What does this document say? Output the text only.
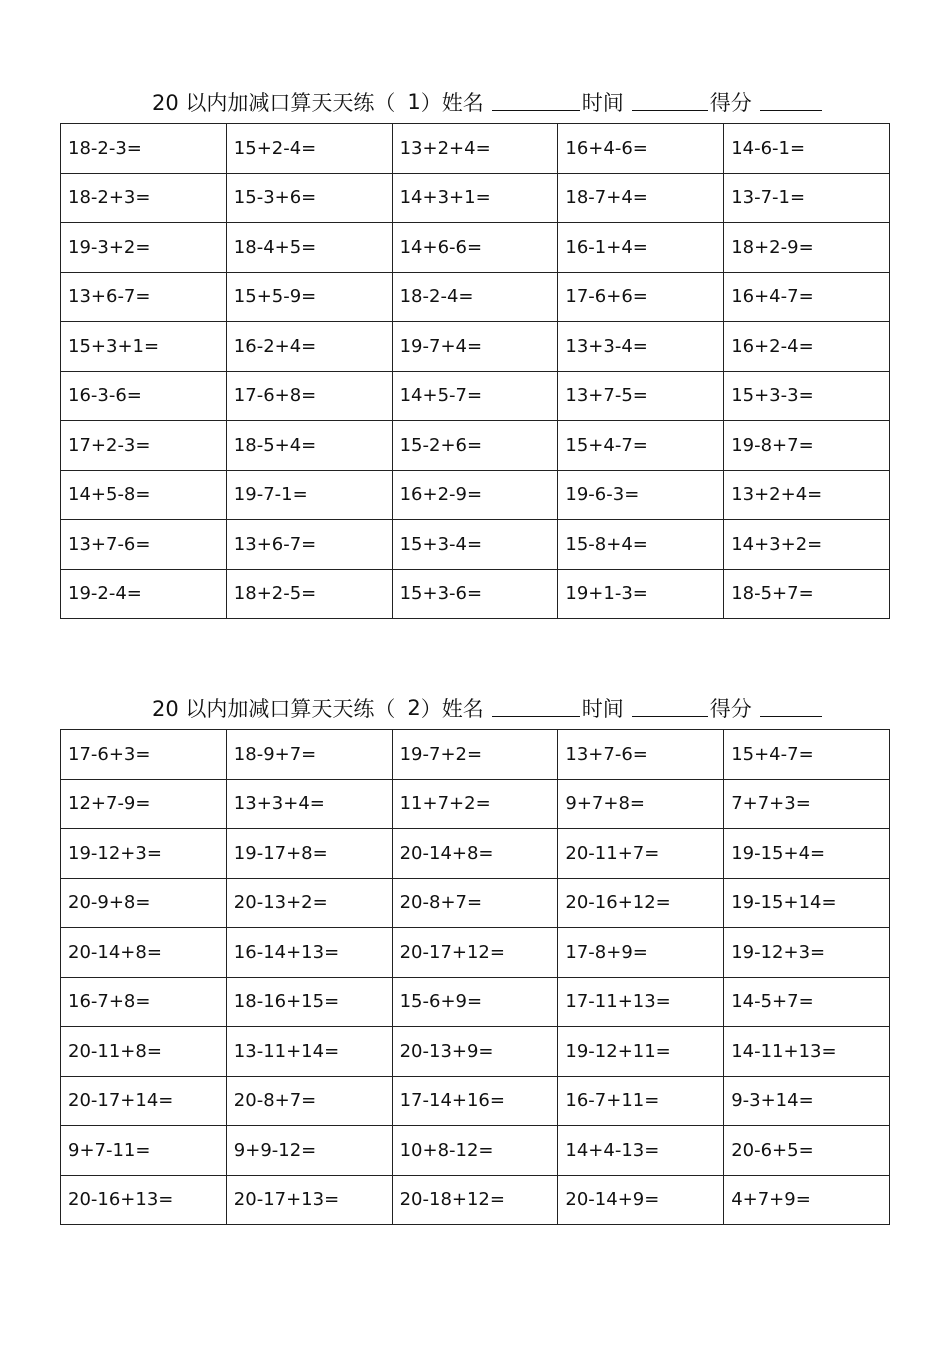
20 以内加减口算天天练（ 1 ）姓名	时间	得分
18-2-3=	15+2-4=	13+2+4=	16+4-6=	14-6-1=
18-2+3=	15-3+6=	14+3+1=	18-7+4=	13-7-1=
19-3+2=	18-4+5=	14+6-6=	16-1+4=	18+2-9=
13+6-7=	15+5-9=	18-2-4=	17-6+6=	16+4-7=
15+3+1=	16-2+4=	19-7+4=	13+3-4=	16+2-4=
16-3-6=	17-6+8=	14+5-7=	13+7-5=	15+3-3=
17+2-3=	18-5+4=	15-2+6=	15+4-7=	19-8+7=
14+5-8=	19-7-1=	16+2-9=	19-6-3=	13+2+4=
13+7-6=	13+6-7=	15+3-4=	15-8+4=	14+3+2=
19-2-4=	18+2-5=	15+3-6=	19+1-3=	18-5+7=
20 以内加减口算天天练（ 2 ）姓名	时间	得分
17-6+3=	18-9+7=	19-7+2=	13+7-6=	15+4-7=
12+7-9=	13+3+4=	11+7+2=	9+7+8=	7+7+3=
19-12+3=	19-17+8=	20-14+8=	20-11+7=	19-15+4=
20-9+8=	20-13+2=	20-8+7=	20-16+12=	19-15+14=
20-14+8=	16-14+13=	20-17+12=	17-8+9=	19-12+3=
16-7+8=	18-16+15=	15-6+9=	17-11+13=	14-5+7=
20-11+8=	13-11+14=	20-13+9=	19-12+11=	14-11+13=
20-17+14=	20-8+7=	17-14+16=	16-7+11=	9-3+14=
9+7-11=	9+9-12=	10+8-12=	14+4-13=	20-6+5=
20-16+13=	20-17+13=	20-18+12=	20-14+9=	4+7+9=
